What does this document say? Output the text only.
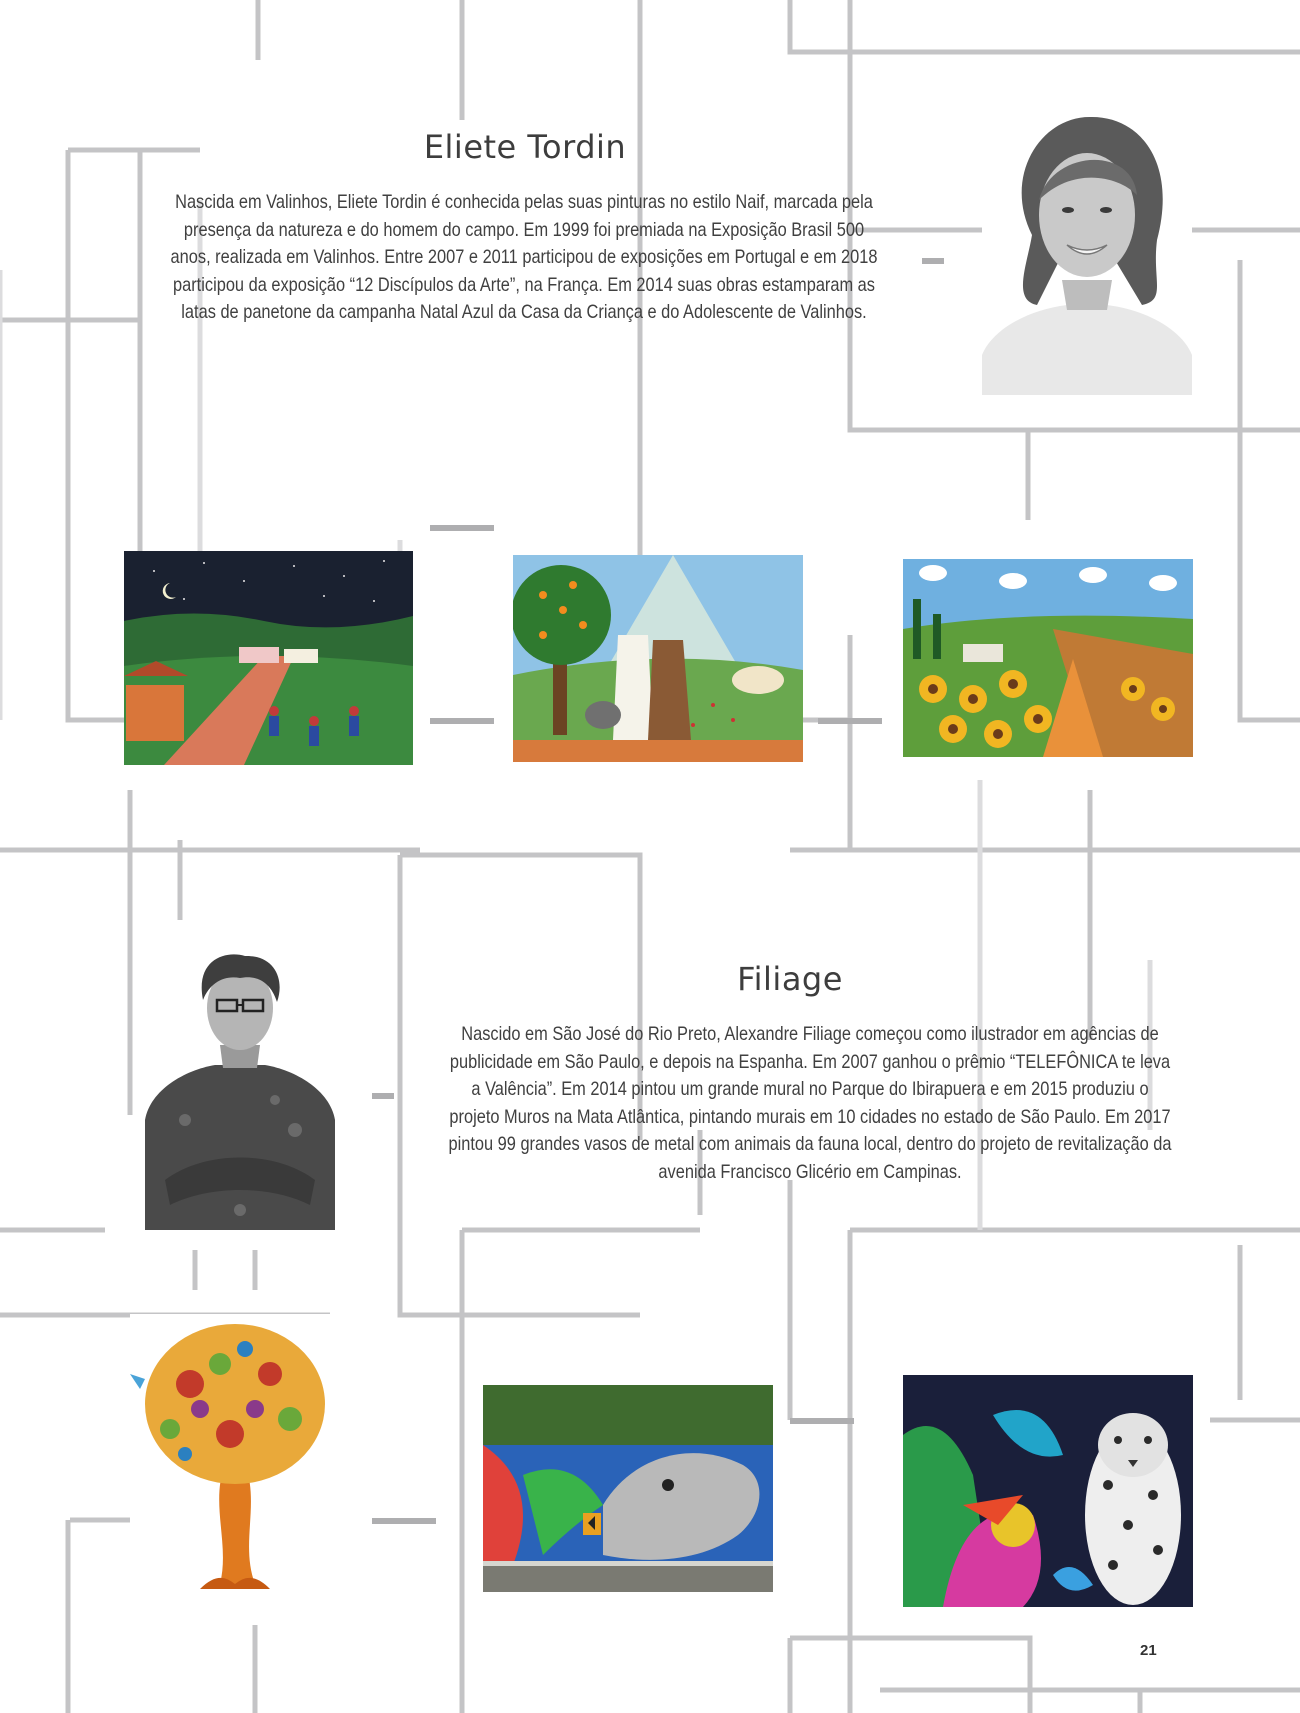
Eliete Tordin

Nascida em Valinhos, Eliete Tordin é conhecida pelas suas pinturas no estilo Naif, marcada pela presença da natureza e do homem do campo. Em 1999 foi premiada na Exposição Brasil 500 anos, realizada em Valinhos. Entre 2007 e 2011 participou de exposições em Portugal e em 2018 participou da exposição “12 Discípulos da Arte”, na França. Em 2014 suas obras estamparam as latas de panetone da campanha Natal Azul da Casa da Criança e do Adolescente de Valinhos.

Filiage

Nascido em São José do Rio Preto, Alexandre Filiage começou como ilustrador em agências de publicidade em São Paulo, e depois na Espanha. Em 2007 ganhou o prêmio “TELEFÔNICA te leva a Valência”. Em 2014 pintou um grande mural no Parque do Ibirapuera e em 2015 produziu o projeto Muros na Mata Atlântica, pintando murais em 10 cidades no estado de São Paulo. Em 2017 pintou 99 grandes vasos de metal com animais da fauna local, dentro do projeto de revitalização da avenida Francisco Glicério em Campinas.

21
